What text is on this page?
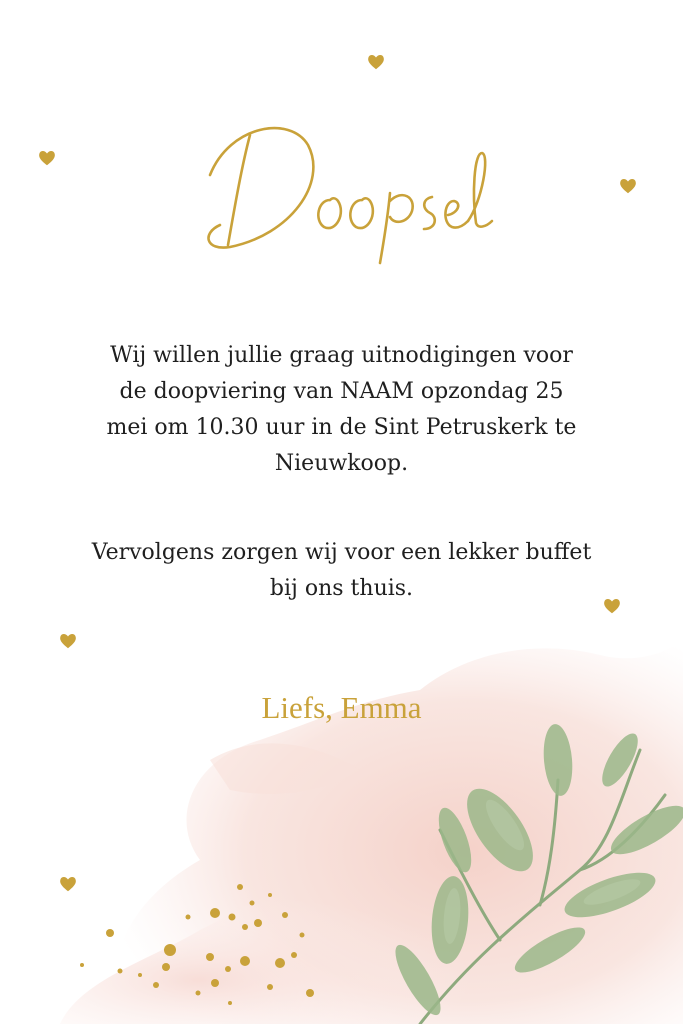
Wij willen jullie graag uitnodigingen voor
de doopviering van NAAM opzondag 25
mei om 10.30 uur in de Sint Petruskerk te
Nieuwkoop.
Vervolgens zorgen wij voor een lekker buffet
bij ons thuis.
Liefs, Emma
